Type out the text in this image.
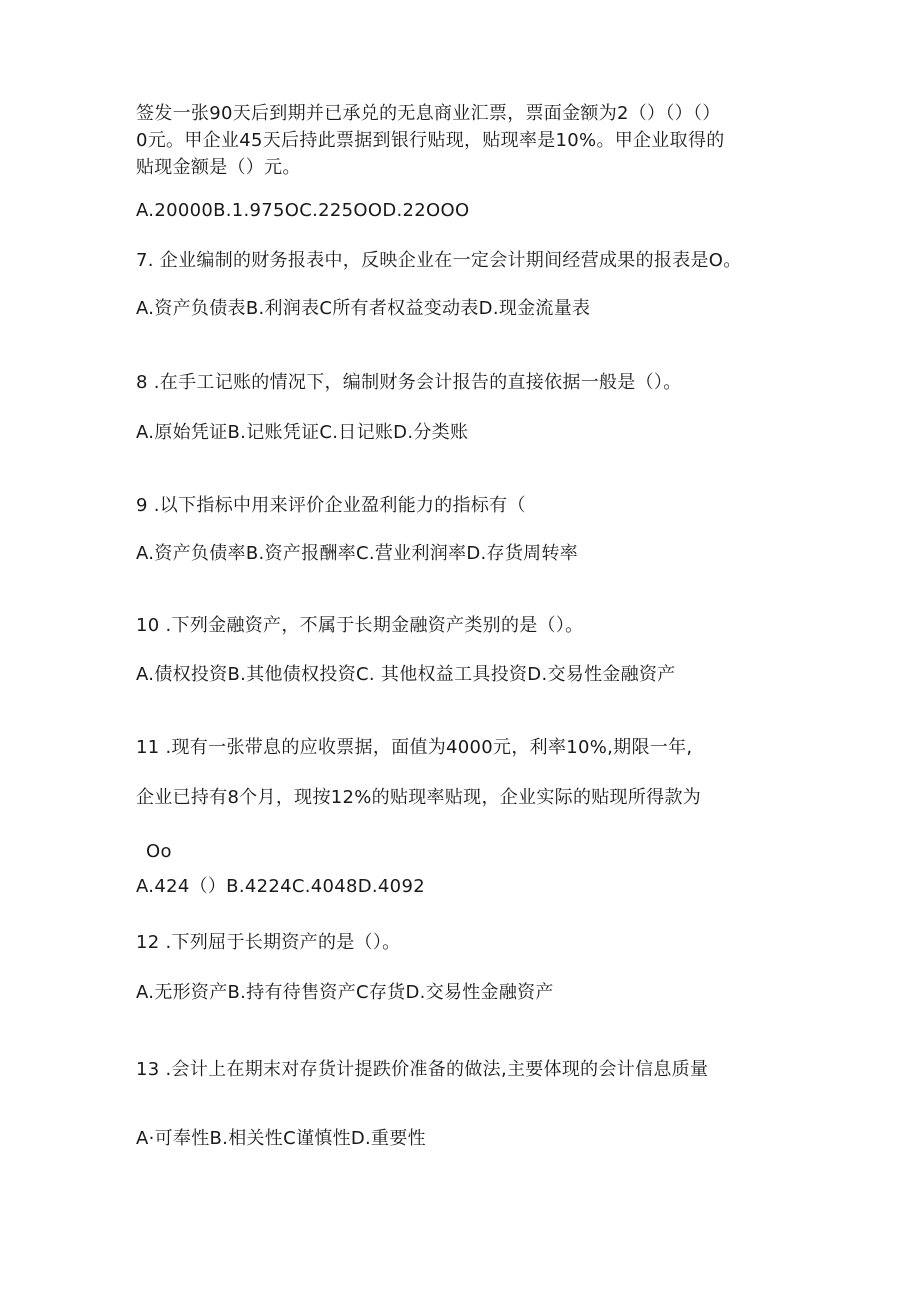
签发一张90天后到期并已承兑的无息商业汇票，票面金额为2（）（）（）
0元。甲企业45天后持此票据到银行贴现，贴现率是10%。甲企业取得的
贴现金额是（）元。
A.20000B.1.975OC.225OOD.22OOO
7. 企业编制的财务报表中，反映企业在一定会计期间经营成果的报表是O。
A.资产负债表B.利润表C所有者权益变动表D.现金流量表
8 .在手工记账的情况下，编制财务会计报告的直接依据一般是（）。
A.原始凭证B.记账凭证C.日记账D.分类账
9 .以下指标中用来评价企业盈利能力的指标有（
A.资产负债率B.资产报酬率C.营业利润率D.存货周转率
10 .下列金融资产，不属于长期金融资产类别的是（）。
A.债权投资B.其他债权投资C. 其他权益工具投资D.交易性金融资产
11 .现有一张带息的应收票据，面值为4000元，利率10%,期限一年,
企业已持有8个月，现按12%的贴现率贴现，企业实际的贴现所得款为
Oo
A.424（）B.4224C.4048D.4092
12 .下列屈于长期资产的是（）。
A.无形资产B.持有待售资产C存货D.交易性金融资产
13 .会计上在期末对存货计提跌价准备的做法,主要体现的会计信息质量
A·可奉性B.相关性C谨慎性D.重要性
